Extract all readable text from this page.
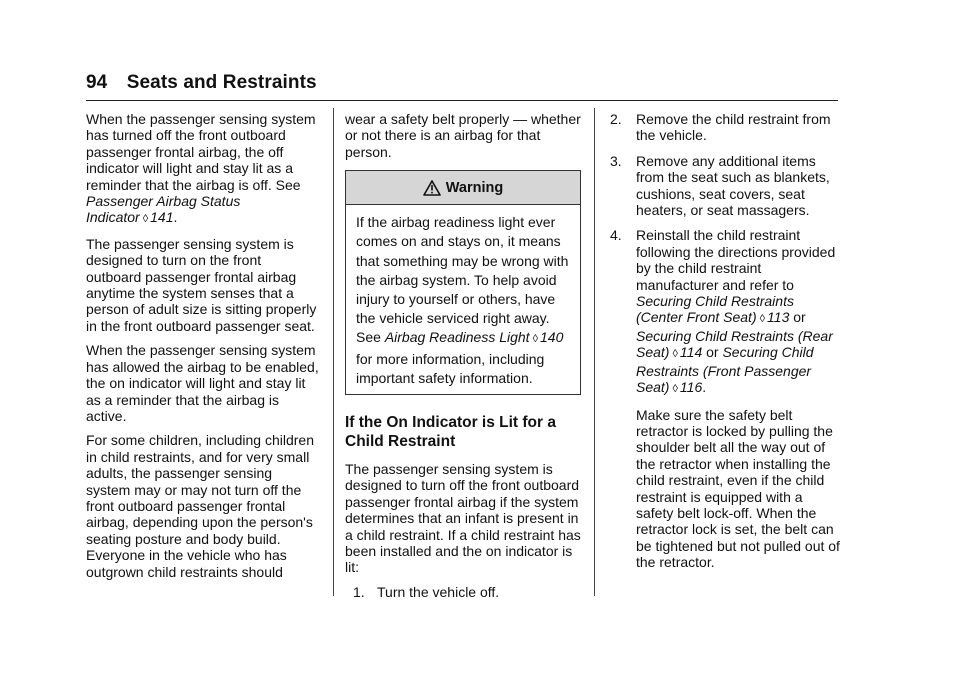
94 Seats and Restraints

When the passenger sensing system has turned off the front outboard passenger frontal airbag, the off indicator will light and stay lit as a reminder that the airbag is off. See Passenger Airbag Status Indicator ◊ 141.

The passenger sensing system is designed to turn on the front outboard passenger frontal airbag anytime the system senses that a person of adult size is sitting properly in the front outboard passenger seat.

When the passenger sensing system has allowed the airbag to be enabled, the on indicator will light and stay lit as a reminder that the airbag is active.

For some children, including children in child restraints, and for very small adults, the passenger sensing system may or may not turn off the front outboard passenger frontal airbag, depending upon the person's seating posture and body build. Everyone in the vehicle who has outgrown child restraints should

wear a safety belt properly — whether or not there is an airbag for that person.

Warning
If the airbag readiness light ever comes on and stays on, it means that something may be wrong with the airbag system. To help avoid injury to yourself or others, have the vehicle serviced right away. See Airbag Readiness Light ◊ 140 for more information, including important safety information.
If the On Indicator is Lit for a Child Restraint

The passenger sensing system is designed to turn off the front outboard passenger frontal airbag if the system determines that an infant is present in a child restraint. If a child restraint has been installed and the on indicator is lit:

1. Turn the vehicle off.
2. Remove the child restraint from the vehicle.
3. Remove any additional items from the seat such as blankets, cushions, seat covers, seat heaters, or seat massagers.
4. Reinstall the child restraint following the directions provided by the child restraint manufacturer and refer to Securing Child Restraints (Center Front Seat) ◊ 113 or Securing Child Restraints (Rear Seat) ◊ 114 or Securing Child Restraints (Front Passenger Seat) ◊ 116.
Make sure the safety belt retractor is locked by pulling the shoulder belt all the way out of the retractor when installing the child restraint, even if the child restraint is equipped with a safety belt lock-off. When the retractor lock is set, the belt can be tightened but not pulled out of the retractor.
